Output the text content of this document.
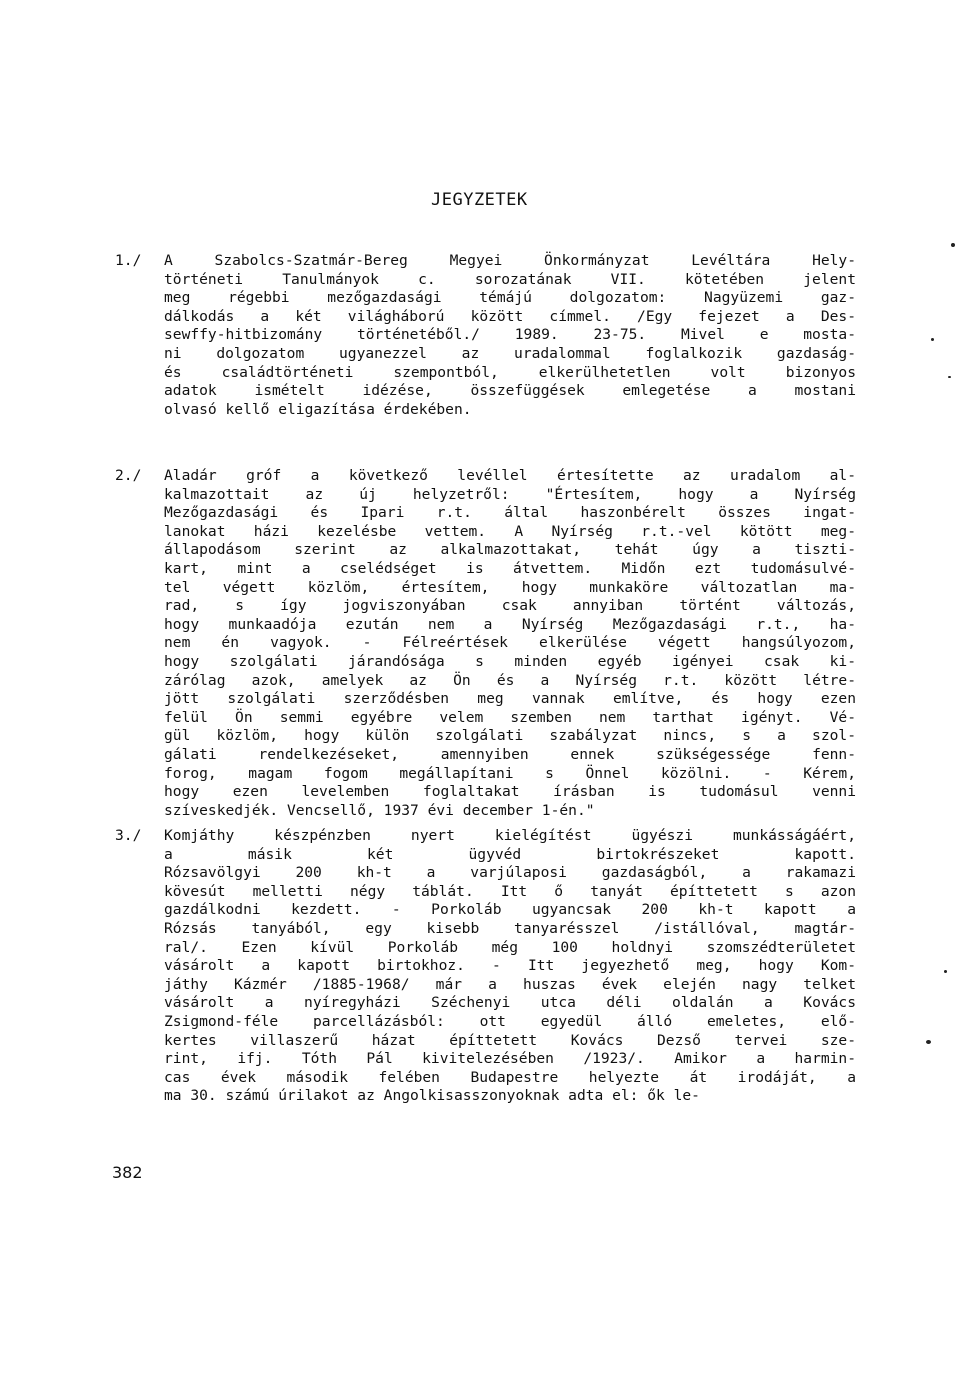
JEGYZETEK
1./	A Szabolcs-Szatmár-Bereg Megyei Önkormányzat Levéltára Hely-
történeti Tanulmányok c. sorozatának VII. kötetében jelent
meg régebbi mezőgazdasági témájú dolgozatom: Nagyüzemi gaz-
dálkodás a két világháború között címmel. /Egy fejezet a Des-
sewffy-hitbizomány történetéből./ 1989. 23-75. Mivel e mosta-
ni dolgozatom ugyanezzel az uradalommal foglalkozik gazdaság-
és családtörténeti szempontból, elkerülhetetlen volt bizonyos
adatok ismételt idézése, összefüggések emlegetése a mostani
olvasó kellő eligazítása érdekében.
2./	Aladár gróf a következő levéllel értesítette az uradalom al-
kalmazottait az új helyzetről: "Értesítem, hogy a Nyírség
Mezőgazdasági és Ipari r.t. által haszonbérelt összes ingat-
lanokat házi kezelésbe vettem. A Nyírség r.t.-vel kötött meg-
állapodásom szerint az alkalmazottakat, tehát úgy a tiszti-
kart, mint a cselédséget is átvettem. Midőn ezt tudomásulvé-
tel végett közlöm, értesítem, hogy munkaköre változatlan ma-
rad, s így jogviszonyában csak annyiban történt változás,
hogy munkaadója ezután nem a Nyírség Mezőgazdasági r.t., ha-
nem én vagyok. - Félreértések elkerülése végett hangsúlyozom,
hogy szolgálati járandósága s minden egyéb igényei csak ki-
zárólag azok, amelyek az Ön és a Nyírség r.t. között létre-
jött szolgálati szerződésben meg vannak említve, és hogy ezen
felül Ön semmi egyébre velem szemben nem tarthat igényt. Vé-
gül közlöm, hogy külön szolgálati szabályzat nincs, s a szol-
gálati rendelkezéseket, amennyiben ennek szükségessége fenn-
forog, magam fogom megállapítani s Önnel közölni. - Kérem,
hogy ezen levelemben foglaltakat írásban is tudomásul venni
szíveskedjék. Vencsellő, 1937 évi december 1-én."
3./	Komjáthy készpénzben nyert kielégítést ügyészi munkásságáért,
a másik két ügyvéd birtokrészeket kapott.
Rózsavölgyi 200 kh-t a varjúlaposi gazdaságból, a rakamazi
kövesút melletti négy táblát. Itt ő tanyát építtetett s azon
gazdálkodni kezdett. - Porkoláb ugyancsak 200 kh-t kapott a
Rózsás tanyából, egy kisebb tanyarésszel /istállóval, magtár-
ral/. Ezen kívül Porkoláb még 100 holdnyi szomszédterületet
vásárolt a kapott birtokhoz. - Itt jegyezhető meg, hogy Kom-
játhy Kázmér /1885-1968/ már a huszas évek elején nagy telket
vásárolt a nyíregyházi Széchenyi utca déli oldalán a Kovács
Zsigmond-féle parcellázásból: ott egyedül álló emeletes, elő-
kertes villaszerű házat építtetett Kovács Dezső tervei sze-
rint, ifj. Tóth Pál kivitelezésében /1923/. Amikor a harmin-
cas évek második felében Budapestre helyezte át irodáját, a
ma 30. számú úrilakot az Angolkisasszonyoknak adta el: ők le-
382
